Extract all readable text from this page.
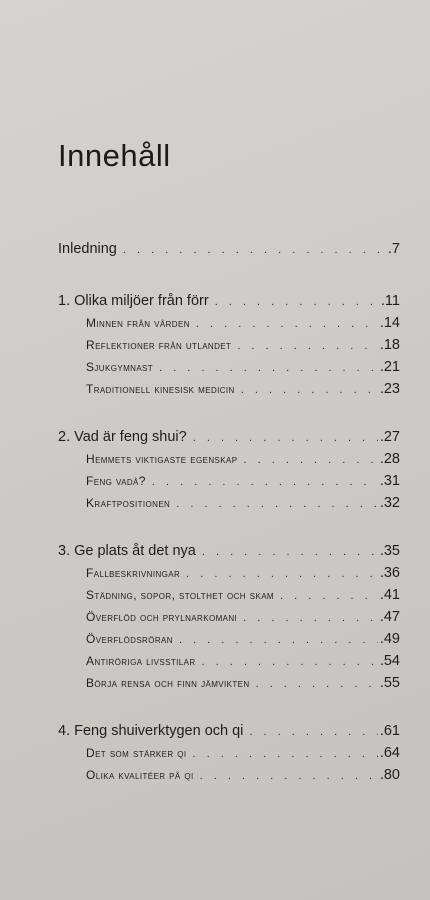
Innehåll
Inledning . . .	.7
1. Olika miljöer från förr . . .	.11
Minnen från vården . . .	.14
Reflektioner från utlandet . . .	.18
Sjukgymnast . . .	.21
Traditionell kinesisk medicin . . .	.23
2. Vad är feng shui? . . .	.27
Hemmets viktigaste egenskap . . .	.28
Feng vadå? . . .	.31
Kraftpositionen . . .	.32
3. Ge plats åt det nya . . .	.35
Fallbeskrivningar . . .	.36
Städning, sopor, stolthet och skam . . .	.41
Överflöd och prylnarkomani . . .	.47
Överflödsröran . . .	.49
Antiröriga livsstilar . . .	.54
Börja rensa och finn jämvikten . . .	.55
4. Feng shuiverktygen och qi . . .	.61
Det som stärker qi . . .	.64
Olika kvalitéer på qi . . .	.80
